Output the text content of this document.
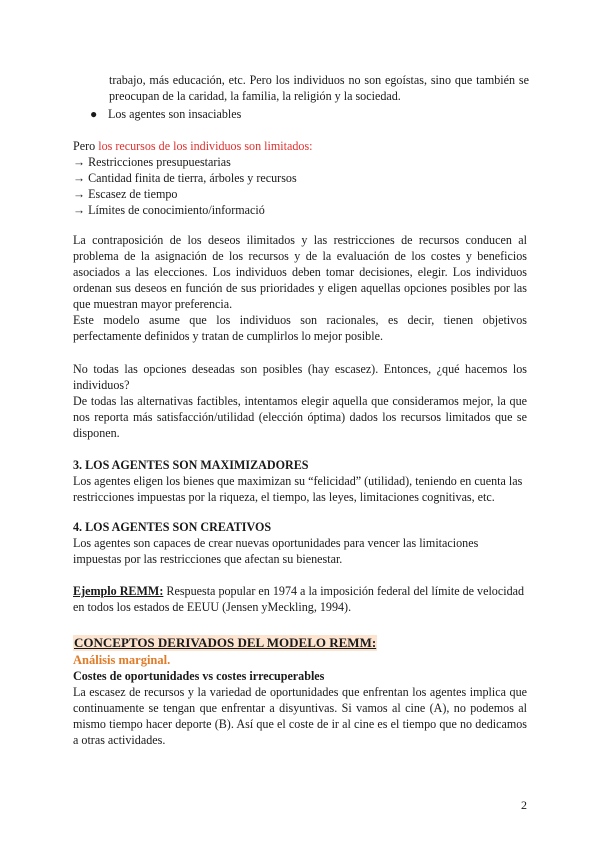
trabajo, más educación, etc. Pero los individuos no son egoístas, sino que también se
preocupan de la caridad, la familia, la religión y la sociedad.
● Los agentes son insaciables
Pero los recursos de los individuos son limitados:
→ Restricciones presupuestarias
→ Cantidad finita de tierra, árboles y recursos
→ Escasez de tiempo
→ Límites de conocimiento/informació
La contraposición de los deseos ilimitados y las restricciones de recursos conducen al
problema de la asignación de los recursos y de la evaluación de los costes y beneficios
asociados a las elecciones. Los individuos deben tomar decisiones, elegir. Los individuos
ordenan sus deseos en función de sus prioridades y eligen aquellas opciones posibles por las
que muestran mayor preferencia.
Este modelo asume que los individuos son racionales, es decir, tienen objetivos
perfectamente definidos y tratan de cumplirlos lo mejor posible.
No todas las opciones deseadas son posibles (hay escasez). Entonces, ¿qué hacemos los
individuos?
De todas las alternativas factibles, intentamos elegir aquella que consideramos mejor, la que
nos reporta más satisfacción/utilidad (elección óptima) dados los recursos limitados que se
disponen.
3. LOS AGENTES SON MAXIMIZADORES
Los agentes eligen los bienes que maximizan su “felicidad” (utilidad), teniendo en cuenta las
restricciones impuestas por la riqueza, el tiempo, las leyes, limitaciones cognitivas, etc.
4. LOS AGENTES SON CREATIVOS
Los agentes son capaces de crear nuevas oportunidades para vencer las limitaciones
impuestas por las restricciones que afectan su bienestar.
Ejemplo REMM: Respuesta popular en 1974 a la imposición federal del límite de velocidad
en todos los estados de EEUU (Jensen yMeckling, 1994).
CONCEPTOS DERIVADOS DEL MODELO REMM:
Análisis marginal.
Costes de oportunidades vs costes irrecuperables
La escasez de recursos y la variedad de oportunidades que enfrentan los agentes implica que
continuamente se tengan que enfrentar a disyuntivas. Si vamos al cine (A), no podemos al
mismo tiempo hacer deporte (B). Así que el coste de ir al cine es el tiempo que no dedicamos
a otras actividades.
2
